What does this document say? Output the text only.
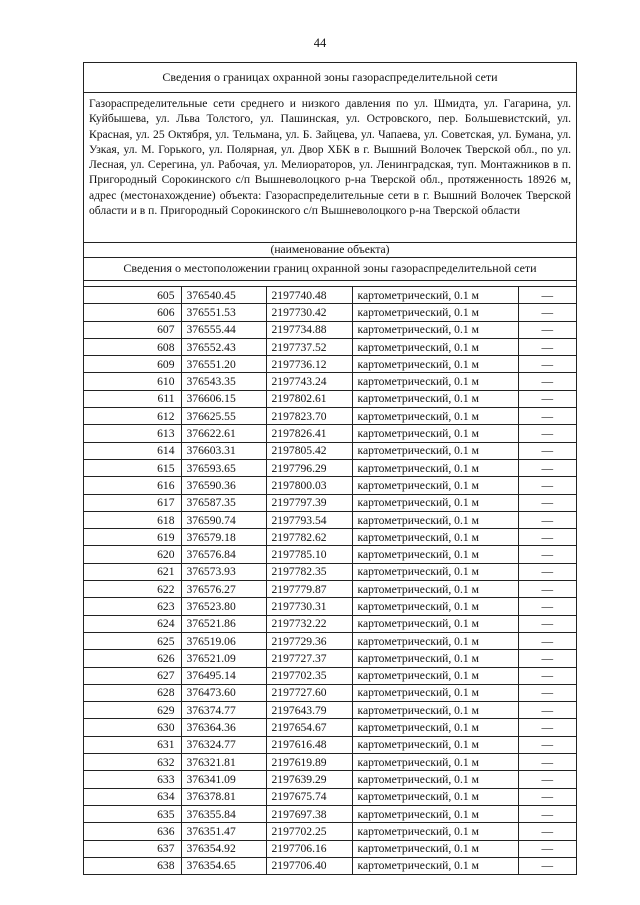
44
Сведения о границах охранной зоны газораспределительной сети
Газораспределительные сети среднего и низкого давления по ул. Шмидта, ул. Гагарина, ул. Куйбышева, ул. Льва Толстого, ул. Пашинская, ул. Островского, пер. Большевистский, ул. Красная, ул. 25 Октября, ул. Тельмана, ул. Б. Зайцева, ул. Чапаева, ул. Советская, ул. Бумана, ул. Узкая, ул. М. Горького, ул. Полярная, ул. Двор ХБК в г. Вышний Волочек Тверской обл., по ул. Лесная, ул. Серегина, ул. Рабочая, ул. Мелиораторов, ул. Ленинградская, туп. Монтажников в п. Пригородный Сорокинского с/п Вышневолоцкого р-на Тверской обл., протяженность 18926 м, адрес (местонахождение) объекта: Газораспределительные сети в г. Вышний Волочек Тверской области и в п. Пригородный Сорокинского с/п Вышневолоцкого р-на Тверской области
(наименование объекта)
Сведения о местоположении границ охранной зоны газораспределительной сети
605	376540.45	2197740.48	картометрический, 0.1 м	—
606	376551.53	2197730.42	картометрический, 0.1 м	—
607	376555.44	2197734.88	картометрический, 0.1 м	—
608	376552.43	2197737.52	картометрический, 0.1 м	—
609	376551.20	2197736.12	картометрический, 0.1 м	—
610	376543.35	2197743.24	картометрический, 0.1 м	—
611	376606.15	2197802.61	картометрический, 0.1 м	—
612	376625.55	2197823.70	картометрический, 0.1 м	—
613	376622.61	2197826.41	картометрический, 0.1 м	—
614	376603.31	2197805.42	картометрический, 0.1 м	—
615	376593.65	2197796.29	картометрический, 0.1 м	—
616	376590.36	2197800.03	картометрический, 0.1 м	—
617	376587.35	2197797.39	картометрический, 0.1 м	—
618	376590.74	2197793.54	картометрический, 0.1 м	—
619	376579.18	2197782.62	картометрический, 0.1 м	—
620	376576.84	2197785.10	картометрический, 0.1 м	—
621	376573.93	2197782.35	картометрический, 0.1 м	—
622	376576.27	2197779.87	картометрический, 0.1 м	—
623	376523.80	2197730.31	картометрический, 0.1 м	—
624	376521.86	2197732.22	картометрический, 0.1 м	—
625	376519.06	2197729.36	картометрический, 0.1 м	—
626	376521.09	2197727.37	картометрический, 0.1 м	—
627	376495.14	2197702.35	картометрический, 0.1 м	—
628	376473.60	2197727.60	картометрический, 0.1 м	—
629	376374.77	2197643.79	картометрический, 0.1 м	—
630	376364.36	2197654.67	картометрический, 0.1 м	—
631	376324.77	2197616.48	картометрический, 0.1 м	—
632	376321.81	2197619.89	картометрический, 0.1 м	—
633	376341.09	2197639.29	картометрический, 0.1 м	—
634	376378.81	2197675.74	картометрический, 0.1 м	—
635	376355.84	2197697.38	картометрический, 0.1 м	—
636	376351.47	2197702.25	картометрический, 0.1 м	—
637	376354.92	2197706.16	картометрический, 0.1 м	—
638	376354.65	2197706.40	картометрический, 0.1 м	—
